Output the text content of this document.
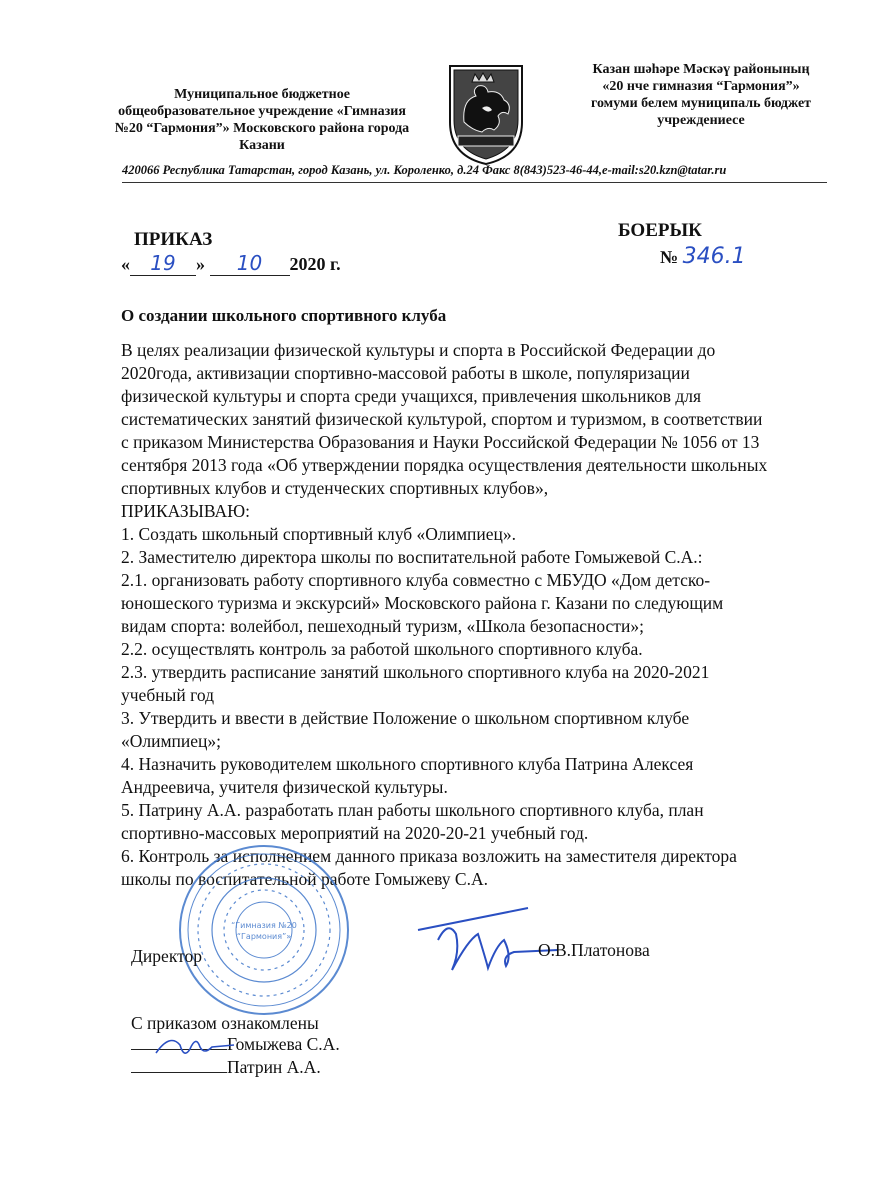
Муниципальное бюджетное
общеобразовательное учреждение «Гимназия
№20 “Гармония”» Московского района города
Казани
Казан шәһәре Мәскәү районының
«20 нче гимназия “Гармония”»
гомуми белем муниципаль бюджет
учреждениесе
420066 Республика Татарстан, город Казань, ул. Короленко, д.24 Факс 8(843)523-46-44,e-mail:s20.kzn@tatar.ru
ПРИКАЗ	БОЕРЫК
« 19 » 10 2020 г.	№ 346.1
О создании школьного спортивного клуба

В целях реализации физической культуры и спорта в Российской Федерации до 2020года, активизации спортивно-массовой работы в школе, популяризации физической культуры и спорта среди учащихся, привлечения школьников для систематических занятий физической культурой, спортом и туризмом, в соответствии с приказом Министерства Образования и Науки Российской Федерации № 1056 от 13 сентября 2013 года «Об утверждении порядка осуществления деятельности школьных спортивных клубов и студенческих спортивных клубов»,

ПРИКАЗЫВАЮ:

1. Создать школьный спортивный клуб «Олимпиец».

2. Заместителю директора школы по воспитательной работе Гомыжевой С.А.:

2.1. организовать работу спортивного клуба совместно с МБУДО «Дом детско-юношеского туризма и экскурсий» Московского района г. Казани по следующим видам спорта: волейбол, пешеходный туризм, «Школа безопасности»;

2.2. осуществлять контроль за работой школьного спортивного клуба.

2.3. утвердить расписание занятий школьного спортивного клуба на 2020-2021 учебный год

3. Утвердить и ввести в действие Положение о школьном спортивном клубе «Олимпиец»;

4. Назначить руководителем школьного спортивного клуба Патрина Алексея Андреевича, учителя физической культуры.

5. Патрину А.А. разработать план работы школьного спортивного клуба, план спортивно-массовых мероприятий на 2020-20-21 учебный год.

6. Контроль за исполнением данного приказа возложить на заместителя директора школы по воспитательной работе Гомыжеву С.А.

“Гимназия №20
“Гармония”»
Директор	О.В.Платонова
С приказом ознакомлены
Гомыжева С.А.
Патрин А.А.
